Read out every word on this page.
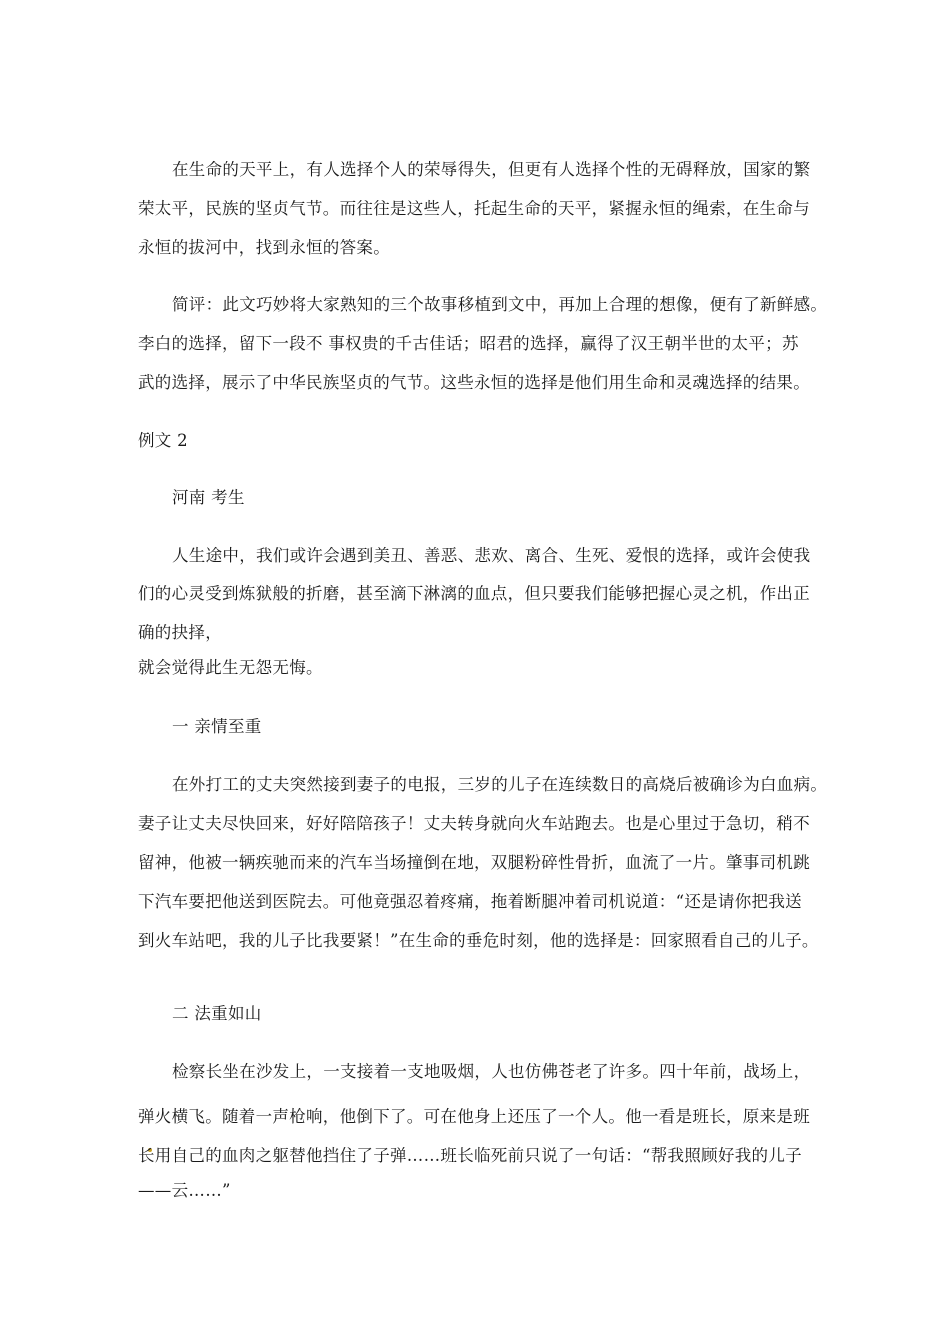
在生命的天平上，有人选择个人的荣辱得失，但更有人选择个性的无碍释放，国家的繁
荣太平，民族的坚贞气节。而往往是这些人，托起生命的天平，紧握永恒的绳索，在生命与
永恒的拔河中，找到永恒的答案。
简评：此文巧妙将大家熟知的三个故事移植到文中，再加上合理的想像，便有了新鲜感。
李白的选择，留下一段不 事权贵的千古佳话；昭君的选择，赢得了汉王朝半世的太平；苏
武的选择，展示了中华民族坚贞的气节。这些永恒的选择是他们用生命和灵魂选择的结果。
例文 2
河南 考生
人生途中，我们或许会遇到美丑、善恶、悲欢、离合、生死、爱恨的选择，或许会使我
们的心灵受到炼狱般的折磨，甚至滴下淋漓的血点，但只要我们能够把握心灵之机，作出正
确的抉择，
就会觉得此生无怨无悔。
一 亲情至重
在外打工的丈夫突然接到妻子的电报，三岁的儿子在连续数日的高烧后被确诊为白血病。
妻子让丈夫尽快回来，好好陪陪孩子！丈夫转身就向火车站跑去。也是心里过于急切，稍不
留神，他被一辆疾驰而来的汽车当场撞倒在地，双腿粉碎性骨折，血流了一片。肇事司机跳
下汽车要把他送到医院去。可他竟强忍着疼痛，拖着断腿冲着司机说道：“还是请你把我送
到火车站吧，我的儿子比我要紧！”在生命的垂危时刻，他的选择是：回家照看自己的儿子。
二 法重如山
检察长坐在沙发上，一支接着一支地吸烟，人也仿佛苍老了许多。四十年前，战场上，
弹火横飞。随着一声枪响，他倒下了。可在他身上还压了一个人。他一看是班长，原来是班
长用自己的血肉之躯替他挡住了子弹……班长临死前只说了一句话：“帮我照顾好我的儿子
——云……”
